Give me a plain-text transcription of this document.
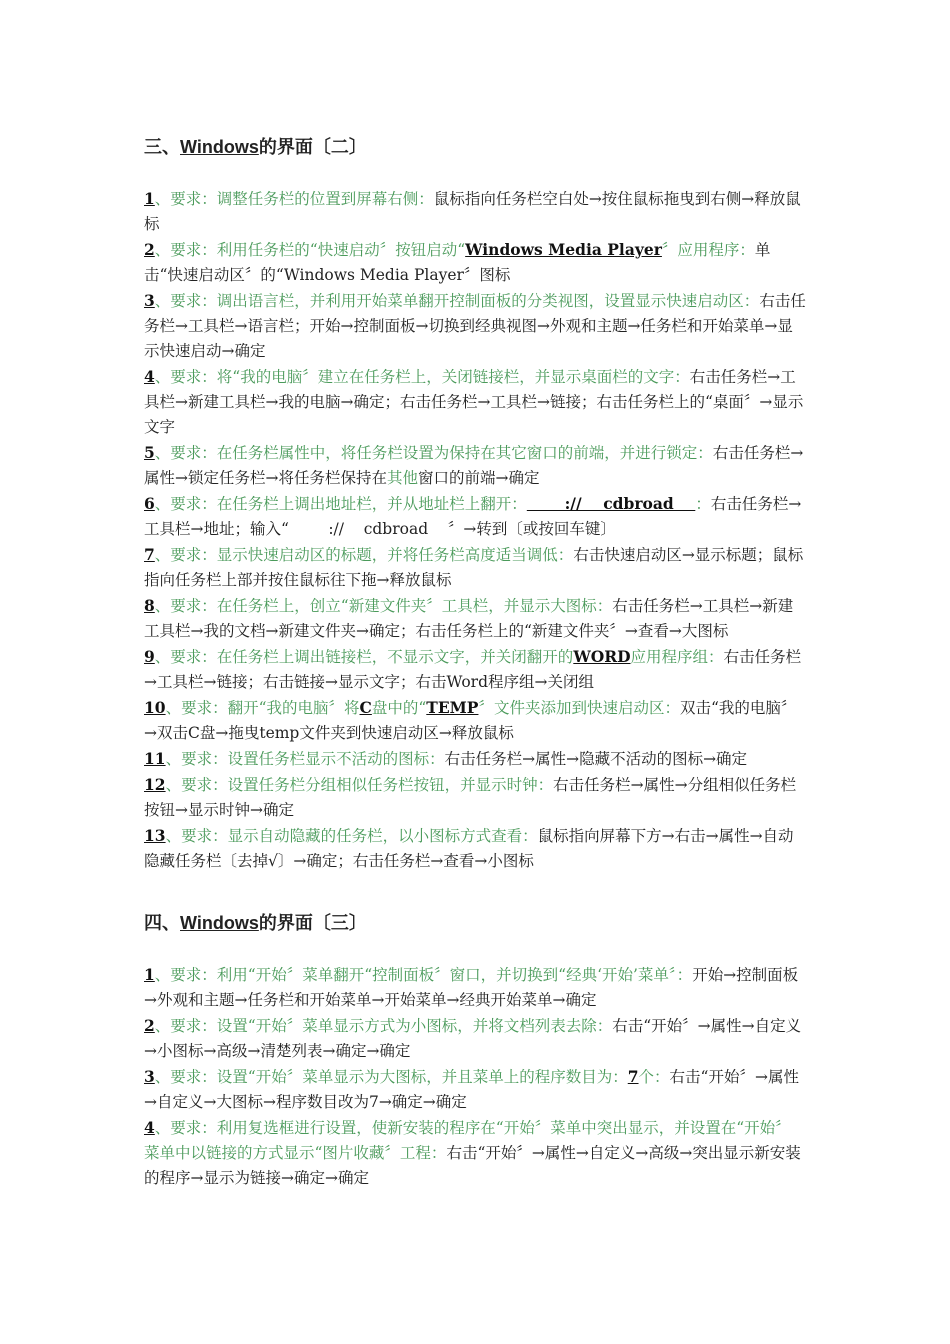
三、Windows的界面〔二〕

1、要求：调整任务栏的位置到屏幕右侧：鼠标指向任务栏空白处→按住鼠标拖曳到右侧→释放鼠标

2、要求：利用任务栏的“快速启动〞按钮启动“Windows Media Player〞应用程序：单击“快速启动区〞的“Windows Media Player〞图标

3、要求：调出语言栏，并利用开始菜单翻开控制面板的分类视图，设置显示快速启动区：右击任务栏→工具栏→语言栏；开始→控制面板→切换到经典视图→外观和主题→任务栏和开始菜单→显示快速启动→确定

4、要求：将“我的电脑〞建立在任务栏上，关闭链接栏，并显示桌面栏的文字：右击任务栏→工具栏→新建工具栏→我的电脑→确定；右击任务栏→工具栏→链接；右击任务栏上的“桌面〞→显示文字

5、要求：在任务栏属性中，将任务栏设置为保持在其它窗口的前端，并进行锁定：右击任务栏→属性→锁定任务栏→将任务栏保持在其他窗口的前端→确定

6、要求：在任务栏上调出地址栏，并从地址栏上翻开：       ://    cdbroad    ：右击任务栏→工具栏→地址；输入“        ://    cdbroad    〞→转到〔或按回车键〕

7、要求：显示快速启动区的标题，并将任务栏高度适当调低：右击快速启动区→显示标题；鼠标指向任务栏上部并按住鼠标往下拖→释放鼠标

8、要求：在任务栏上，创立“新建文件夹〞工具栏，并显示大图标：右击任务栏→工具栏→新建工具栏→我的文档→新建文件夹→确定；右击任务栏上的“新建文件夹〞→查看→大图标

9、要求：在任务栏上调出链接栏，不显示文字，并关闭翻开的WORD应用程序组：右击任务栏→工具栏→链接；右击链接→显示文字；右击Word程序组→关闭组

10、要求：翻开“我的电脑〞将C盘中的“TEMP〞文件夹添加到快速启动区：双击“我的电脑〞→双击C盘→拖曳temp文件夹到快速启动区→释放鼠标

11、要求：设置任务栏显示不活动的图标：右击任务栏→属性→隐藏不活动的图标→确定

12、要求：设置任务栏分组相似任务栏按钮，并显示时钟：右击任务栏→属性→分组相似任务栏按钮→显示时钟→确定

13、要求：显示自动隐藏的任务栏，以小图标方式查看：鼠标指向屏幕下方→右击→属性→自动隐藏任务栏〔去掉√〕→确定；右击任务栏→查看→小图标

四、Windows的界面〔三〕

1、要求：利用“开始〞菜单翻开“控制面板〞窗口，并切换到“经典‘开始’菜单〞：开始→控制面板→外观和主题→任务栏和开始菜单→开始菜单→经典开始菜单→确定

2、要求：设置“开始〞菜单显示方式为小图标，并将文档列表去除：右击“开始〞→属性→自定义→小图标→高级→清楚列表→确定→确定

3、要求：设置“开始〞菜单显示为大图标，并且菜单上的程序数目为：7个：右击“开始〞→属性→自定义→大图标→程序数目改为7→确定→确定

4、要求：利用复选框进行设置，使新安装的程序在“开始〞菜单中突出显示，并设置在“开始〞菜单中以链接的方式显示“图片收藏〞工程：右击“开始〞→属性→自定义→高级→突出显示新安装的程序→显示为链接→确定→确定
